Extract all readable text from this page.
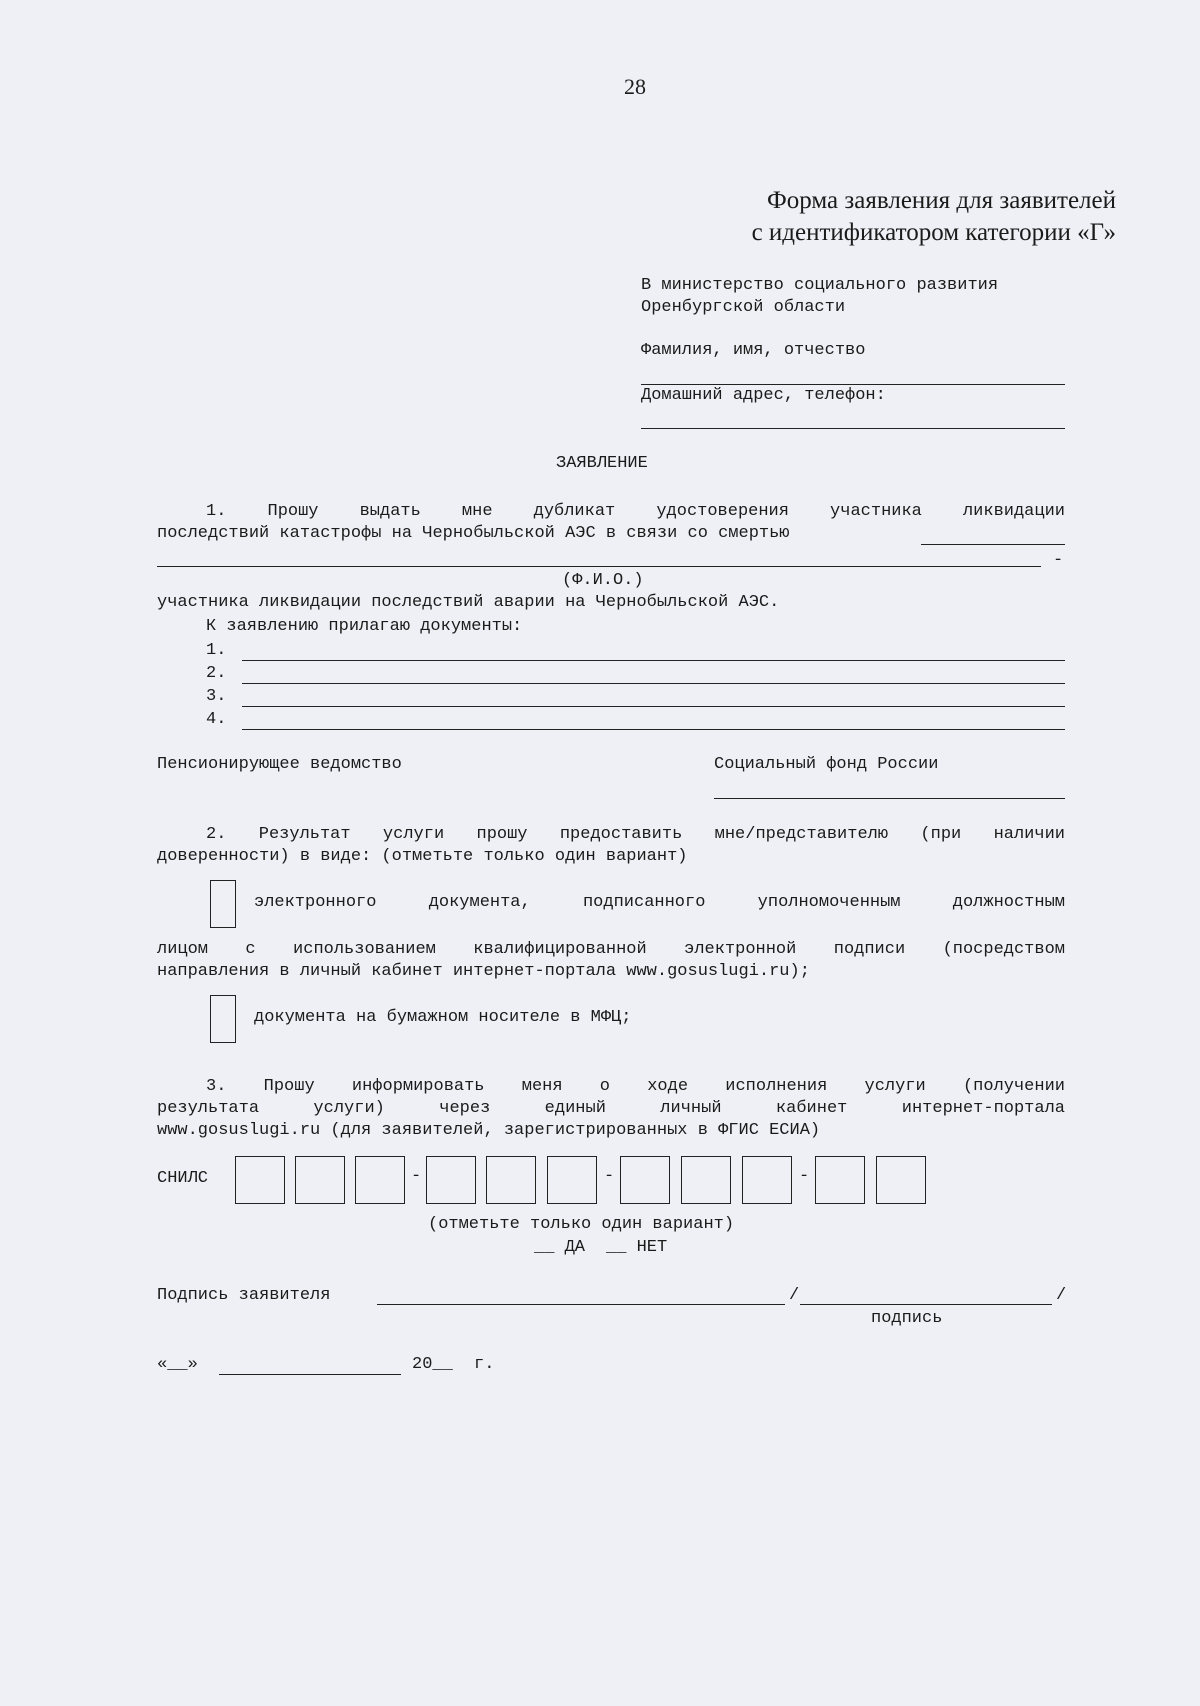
28
Форма заявления для заявителей
с идентификатором категории «Г»
В министерство социального развития
Оренбургской области
Фамилия, имя, отчество
Домашний адрес, телефон:
ЗАЯВЛЕНИЕ
1. Прошу выдать мне дубликат удостоверения участника ликвидации
последствий катастрофы на Чернобыльской АЭС в связи со смертью
-
(Ф.И.О.)
участника ликвидации последствий аварии на Чернобыльской АЭС.
К заявлению прилагаю документы:
1.
2.
3.
4.
Пенсионирующее ведомство	Социальный фонд России
2. Результат услуги прошу предоставить мне/представителю (при наличии
доверенности) в виде: (отметьте только один вариант)
электронного документа, подписанного уполномоченным должностным
лицом с использованием квалифицированной электронной подписи (посредством
направления в личный кабинет интернет-портала www.gosuslugi.ru);
документа на бумажном носителе в МФЦ;
3. Прошу информировать меня о ходе исполнения услуги (получении
результата услуги) через единый личный кабинет интернет-портала
www.gosuslugi.ru (для заявителей, зарегистрированных в ФГИС ЕСИА)
СНИЛС	-	-	-
(отметьте только один вариант)
__ ДА __ НЕТ
Подпись заявителя	/	/
подпись
«__»	20__ г.
